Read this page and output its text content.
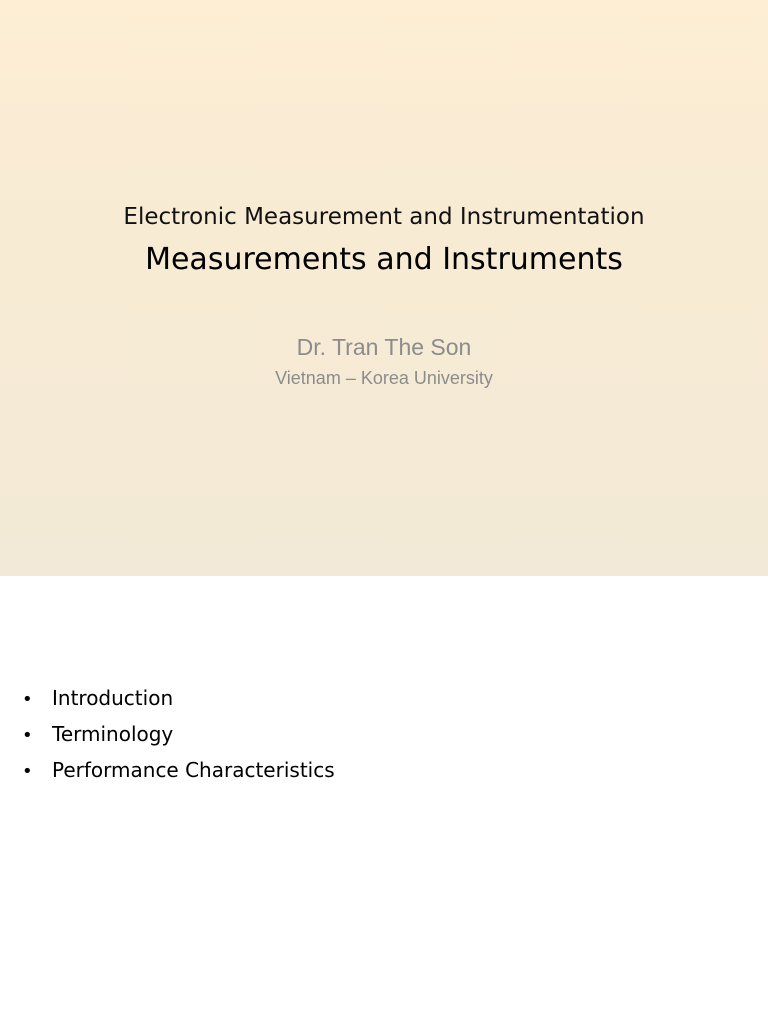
Electronic Measurement and Instrumentation
Measurements and Instruments
Dr. Tran The Son
Vietnam – Korea University
• Introduction
• Terminology
• Performance Characteristics
